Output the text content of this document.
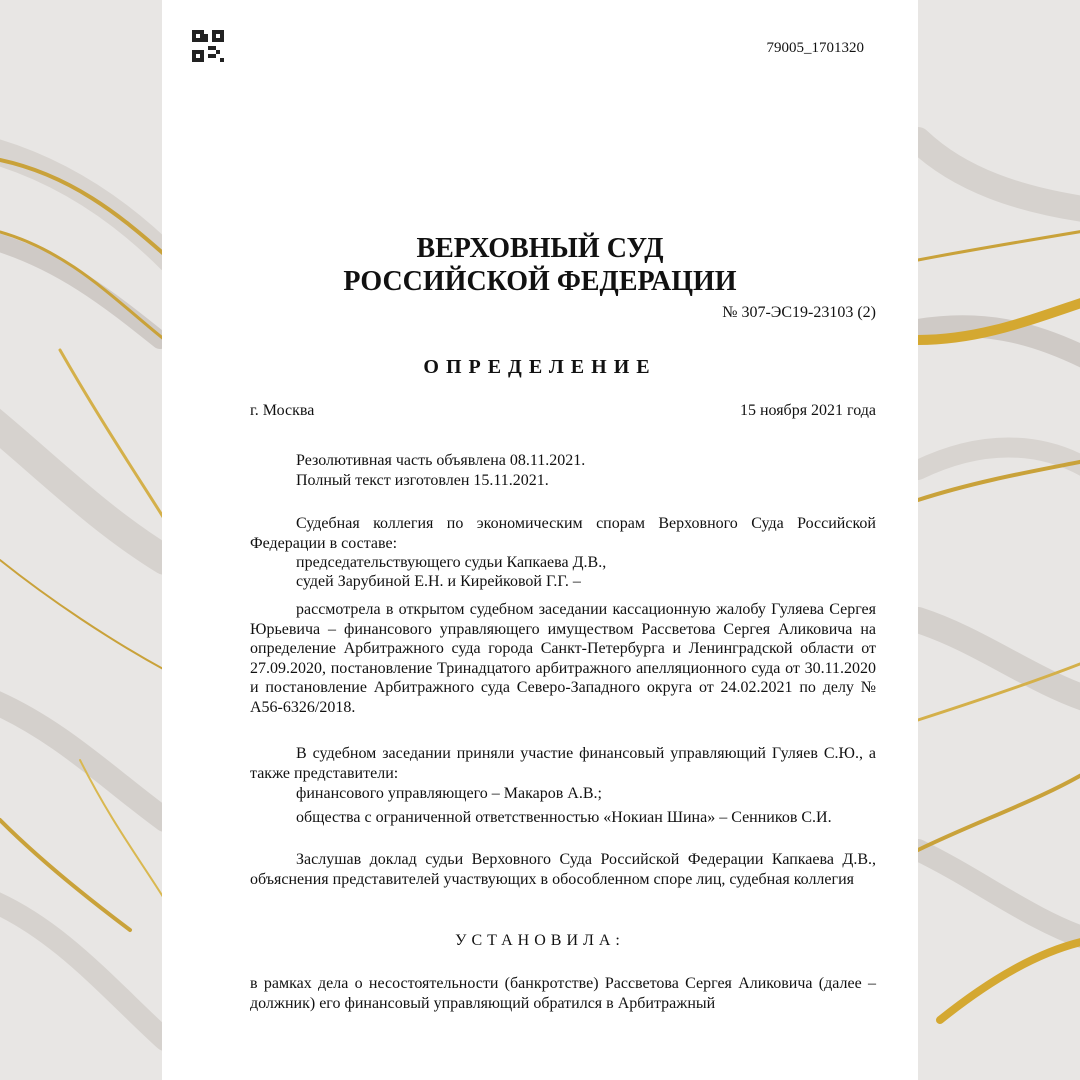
79005_1701320
ВЕРХОВНЫЙ СУД
РОССИЙСКОЙ ФЕДЕРАЦИИ
№ 307-ЭС19-23103 (2)
ОПРЕДЕЛЕНИЕ
г. Москва	15 ноября 2021 года
Резолютивная часть объявлена 08.11.2021.
Полный текст изготовлен 15.11.2021.
Судебная коллегия по экономическим спорам Верховного Суда Российской Федерации в составе:
председательствующего судьи Капкаева Д.В.,
судей Зарубиной Е.Н. и Кирейковой Г.Г. –
рассмотрела в открытом судебном заседании кассационную жалобу Гуляева Сергея Юрьевича – финансового управляющего имуществом Рассветова Сергея Аликовича на определение Арбитражного суда города Санкт-Петербурга и Ленинградской области от 27.09.2020, постановление Тринадцатого арбитражного апелляционного суда от 30.11.2020 и постановление Арбитражного суда Северо-Западного округа от 24.02.2021 по делу № А56-6326/2018.
В судебном заседании приняли участие финансовый управляющий Гуляев С.Ю., а также представители:
финансового управляющего – Макаров А.В.;
общества с ограниченной ответственностью «Нокиан Шина» – Сенников С.И.
Заслушав доклад судьи Верховного Суда Российской Федерации Капкаева Д.В., объяснения представителей участвующих в обособленном споре лиц, судебная коллегия
УСТАНОВИЛА:
в рамках дела о несостоятельности (банкротстве) Рассветова Сергея Аликовича (далее – должник) его финансовый управляющий обратился в Арбитражный
